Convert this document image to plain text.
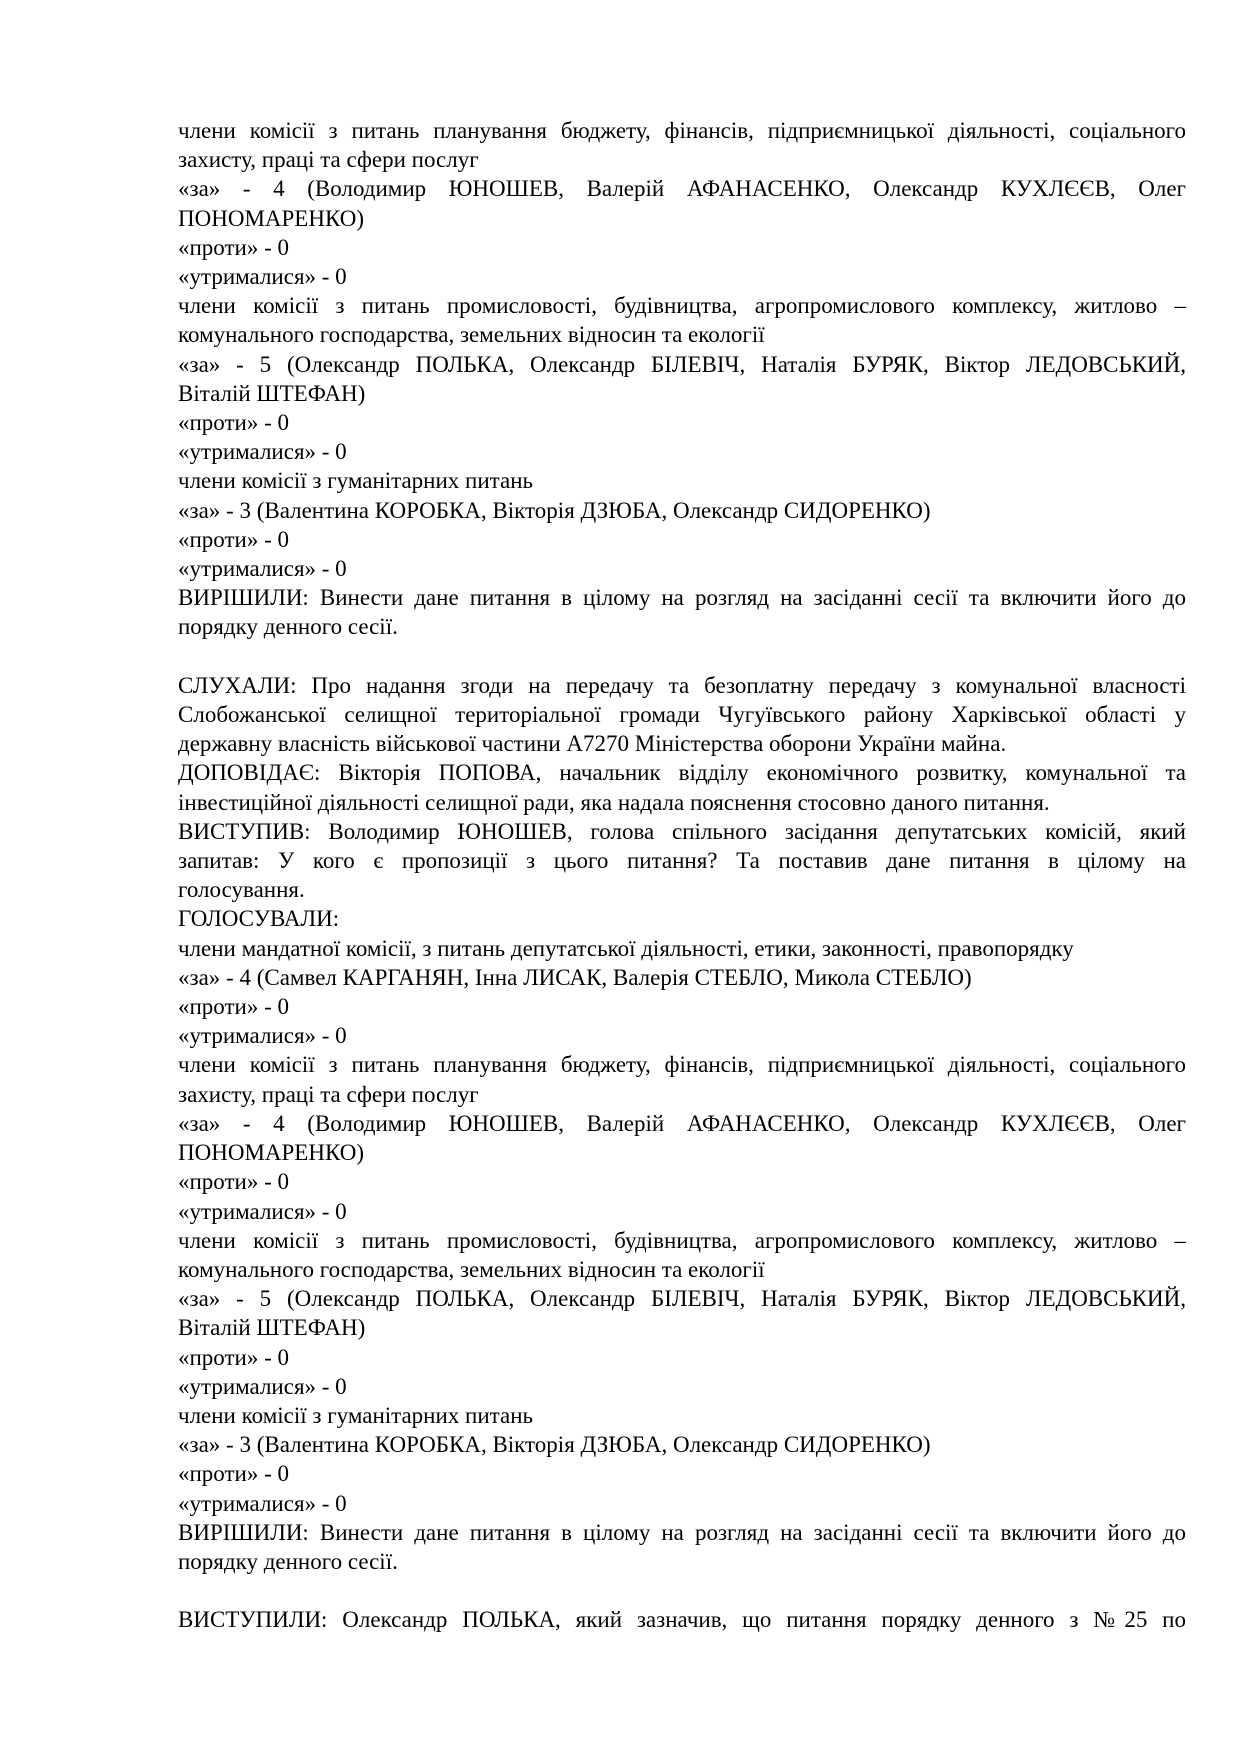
члени комісії з питань планування бюджету, фінансів, підприємницької діяльності, соціального
захисту, праці та сфери послуг
«за» - 4 (Володимир ЮНОШЕВ, Валерій АФАНАСЕНКО, Олександр КУХЛЄЄВ, Олег
ПОНОМАРЕНКО)
«проти» - 0
«утрималися» - 0
члени комісії з питань промисловості, будівництва, агропромислового комплексу, житлово –
комунального господарства, земельних відносин та екології
«за» - 5 (Олександр ПОЛЬКА, Олександр БІЛЕВІЧ, Наталія БУРЯК, Віктор ЛЕДОВСЬКИЙ,
Віталій ШТЕФАН)
«проти» - 0
«утрималися» - 0
члени комісії з гуманітарних питань
«за» - 3 (Валентина КОРОБКА, Вікторія ДЗЮБА, Олександр СИДОРЕНКО)
«проти» - 0
«утрималися» - 0
ВИРІШИЛИ: Винести дане питання в цілому на розгляд на засіданні сесії та включити його до
порядку денного сесії.
СЛУХАЛИ: Про надання згоди на передачу та безоплатну передачу з комунальної власності
Слобожанської селищної територіальної громади Чугуївського району Харківської області у
державну власність військової частини А7270 Міністерства оборони України майна.
ДОПОВІДАЄ: Вікторія ПОПОВА, начальник відділу економічного розвитку, комунальної та
інвестиційної діяльності селищної ради, яка надала пояснення стосовно даного питання.
ВИСТУПИВ: Володимир ЮНОШЕВ, голова спільного засідання депутатських комісій, який
запитав: У кого є пропозиції з цього питання? Та поставив дане питання в цілому на
голосування.
ГОЛОСУВАЛИ:
члени мандатної комісії, з питань депутатської діяльності, етики, законності, правопорядку
«за» - 4 (Самвел КАРГАНЯН, Інна ЛИСАК, Валерія СТЕБЛО, Микола СТЕБЛО)
«проти» - 0
«утрималися» - 0
члени комісії з питань планування бюджету, фінансів, підприємницької діяльності, соціального
захисту, праці та сфери послуг
«за» - 4 (Володимир ЮНОШЕВ, Валерій АФАНАСЕНКО, Олександр КУХЛЄЄВ, Олег
ПОНОМАРЕНКО)
«проти» - 0
«утрималися» - 0
члени комісії з питань промисловості, будівництва, агропромислового комплексу, житлово –
комунального господарства, земельних відносин та екології
«за» - 5 (Олександр ПОЛЬКА, Олександр БІЛЕВІЧ, Наталія БУРЯК, Віктор ЛЕДОВСЬКИЙ,
Віталій ШТЕФАН)
«проти» - 0
«утрималися» - 0
члени комісії з гуманітарних питань
«за» - 3 (Валентина КОРОБКА, Вікторія ДЗЮБА, Олександр СИДОРЕНКО)
«проти» - 0
«утрималися» - 0
ВИРІШИЛИ: Винести дане питання в цілому на розгляд на засіданні сесії та включити його до
порядку денного сесії.
ВИСТУПИЛИ: Олександр ПОЛЬКА, який зазначив, що питання порядку денного з №25 по
